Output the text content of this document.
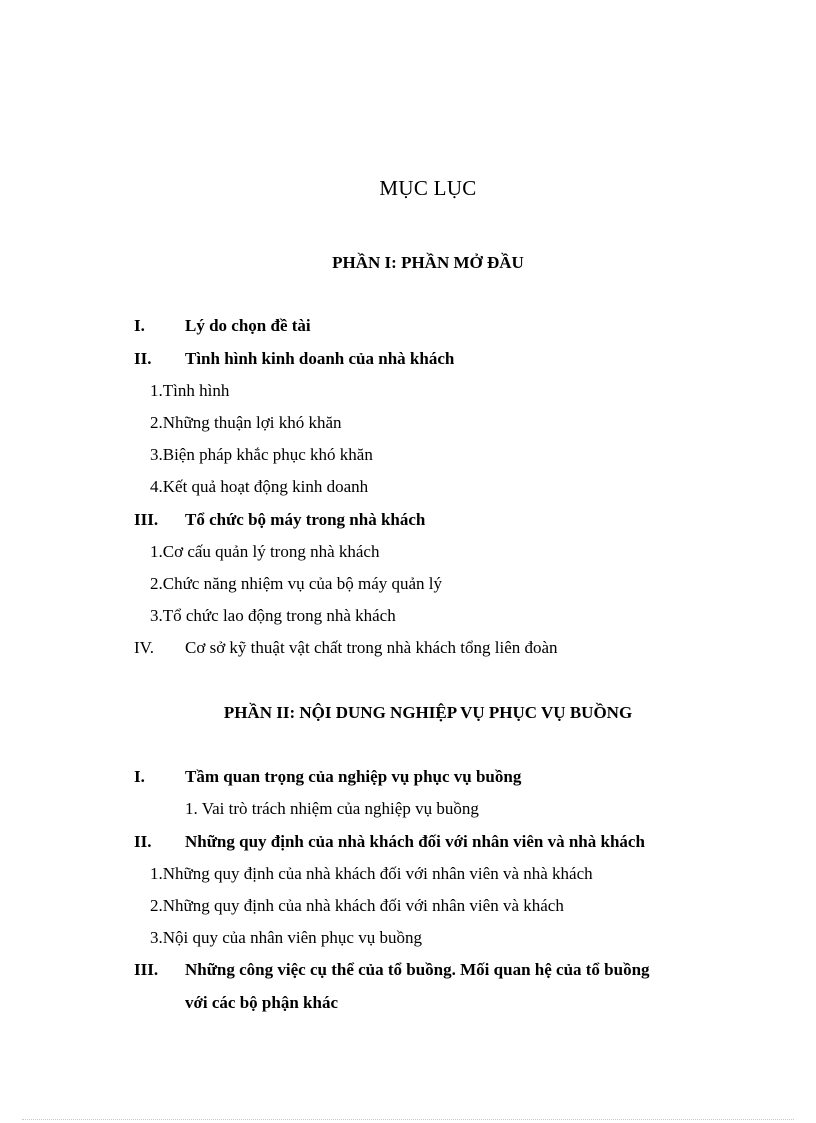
MỤC LỤC
PHẦN I: PHẦN MỞ ĐẦU
I. Lý do chọn đề tài
II. Tình hình kinh doanh của nhà khách
1.Tình hình
2.Những thuận lợi khó khăn
3.Biện pháp khắc phục khó khăn
4.Kết quả hoạt động kinh doanh
III. Tổ chức bộ máy trong nhà khách
1.Cơ cấu quản lý trong nhà khách
2.Chức năng nhiệm vụ của bộ máy quản lý
3.Tổ chức lao động trong nhà khách
IV. Cơ sở kỹ thuật vật chất trong nhà khách tổng liên đoàn
PHẦN II: NỘI DUNG NGHIỆP VỤ PHỤC VỤ BUỒNG
I. Tầm quan trọng của nghiệp vụ phục vụ buồng
1. Vai trò trách nhiệm của nghiệp vụ buồng
II. Những quy định của nhà khách đối với nhân viên và nhà khách
1.Những quy định của nhà khách đối với nhân viên và nhà khách
2.Những quy định của nhà khách đối với nhân viên và khách
3.Nội quy của nhân viên phục vụ buồng
III. Những công việc cụ thể của tổ buồng. Mối quan hệ của tổ buồng
với các bộ phận khác
